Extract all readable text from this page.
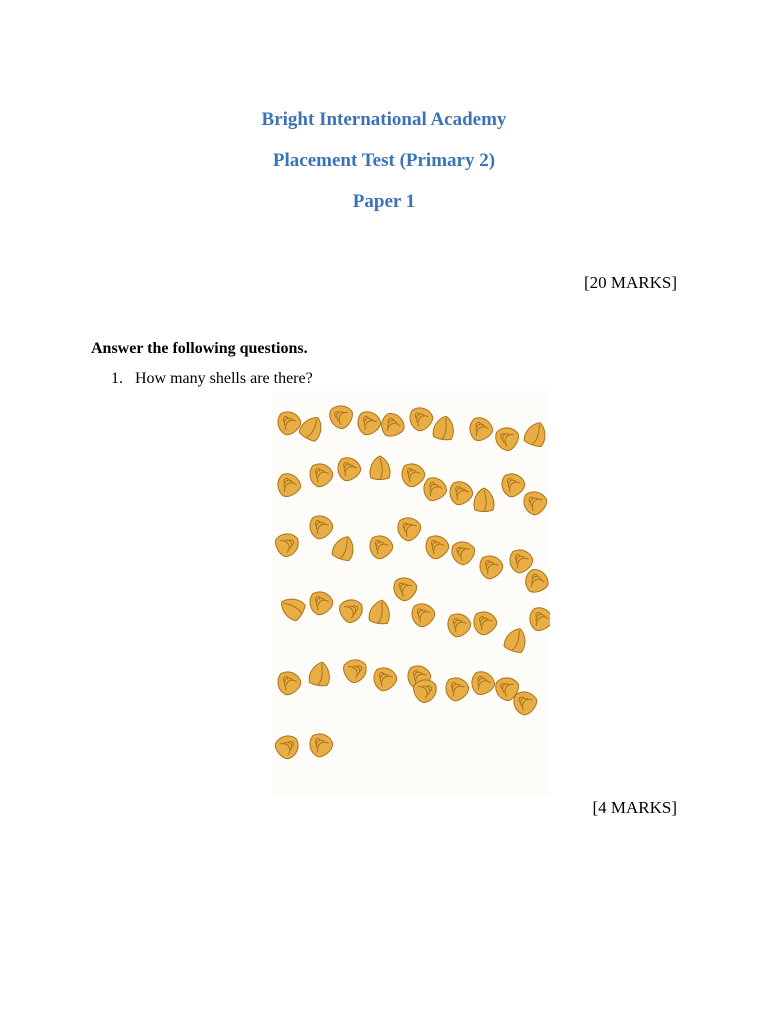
Bright International Academy
Placement Test (Primary 2)
Paper 1
[20 MARKS]
Answer the following questions.
1. How many shells are there?
[4 MARKS]
